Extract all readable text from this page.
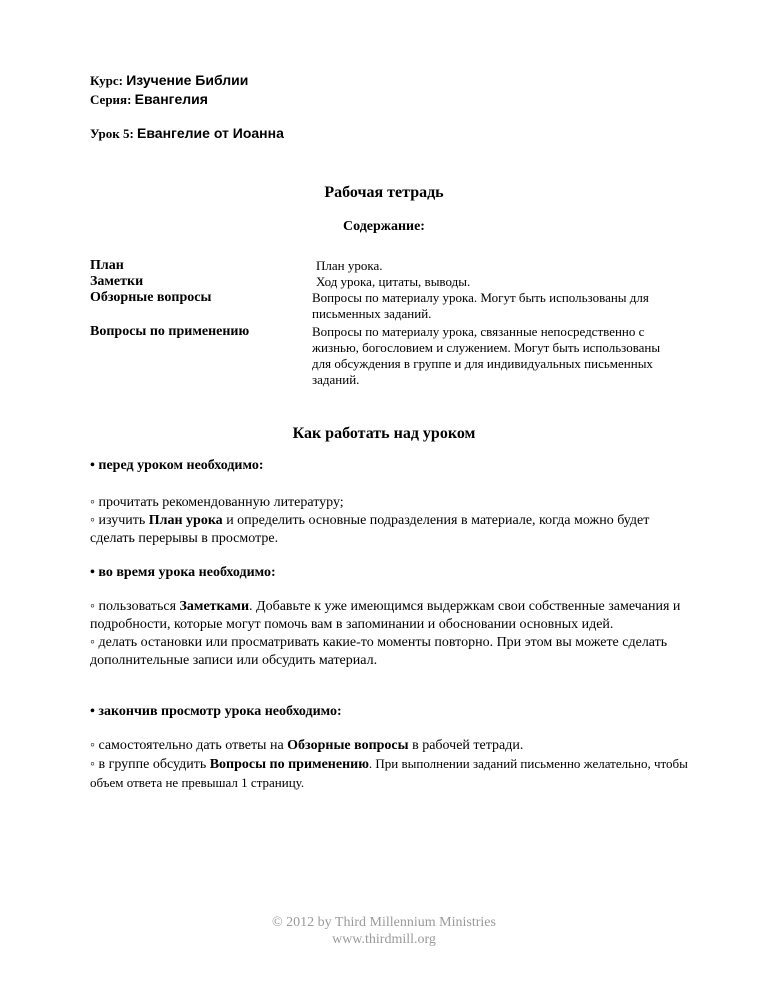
Курс: Изучение Библии
Серия: Евангелия
Урок 5: Евангелие от Иоанна
Рабочая тетрадь
Содержание:
План	План урока.
Заметки	Ход урока, цитаты, выводы.
Обзорные вопросы	Вопросы по материалу урока. Могут быть использованы для письменных заданий.
Вопросы по применению	Вопросы по материалу урока, связанные непосредственно с жизнью, богословием и служением. Могут быть использованы для обсуждения в группе и для индивидуальных письменных заданий.
Как работать над уроком
• перед уроком необходимо:
◦ прочитать рекомендованную литературу;
◦ изучить План урока и определить основные подразделения в материале, когда можно будет сделать перерывы в просмотре.
• во время урока необходимо:
◦ пользоваться Заметками. Добавьте к уже имеющимся выдержкам свои собственные замечания и подробности, которые могут помочь вам в запоминании и обосновании основных идей.
◦ делать остановки или просматривать какие-то моменты повторно. При этом вы можете сделать дополнительные записи или обсудить материал.
• закончив просмотр урока необходимо:
◦ самостоятельно дать ответы на Обзорные вопросы в рабочей тетради.
◦ в группе обсудить Вопросы по применению. При выполнении заданий письменно желательно, чтобы объем ответа не превышал 1 страницу.
© 2012 by Third Millennium Ministries
www.thirdmill.org
